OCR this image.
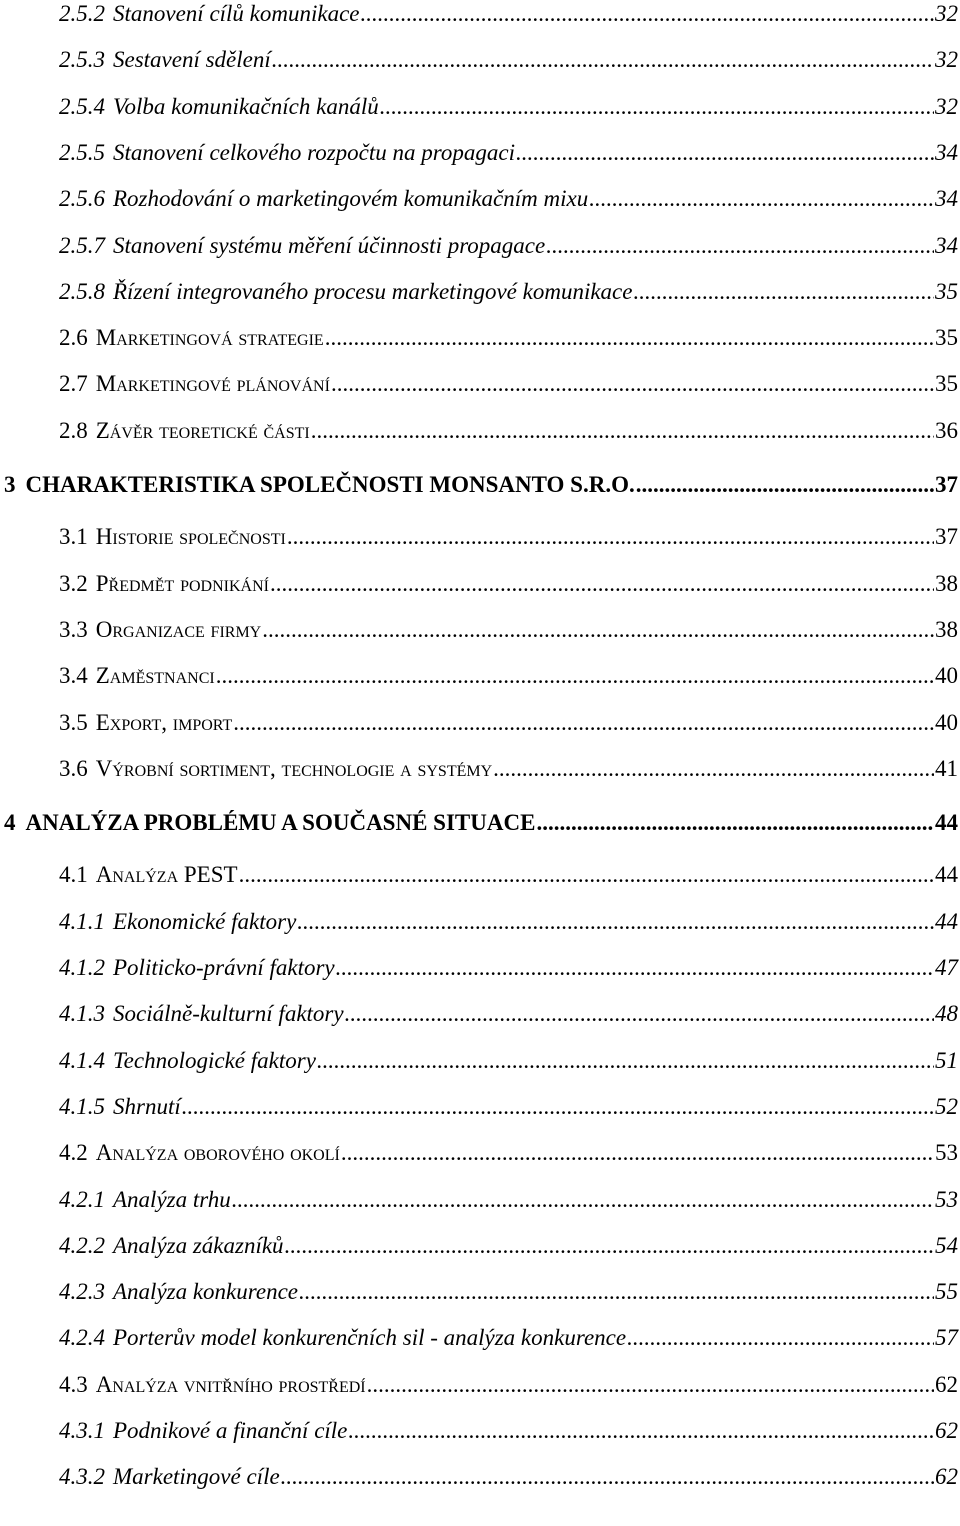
2.5.2 Stanovení cílů komunikace .....	32
2.5.3 Sestavení sdělení .....	32
2.5.4 Volba komunikačních kanálů .....	32
2.5.5 Stanovení celkového rozpočtu na propagaci .....	34
2.5.6 Rozhodování o marketingovém komunikačním mixu .....	34
2.5.7 Stanovení systému měření účinnosti propagace .....	34
2.5.8 Řízení integrovaného procesu marketingové komunikace .....	35
2.6 Marketingová strategie .....	35
2.7 Marketingové plánování .....	35
2.8 Závěr teoretické části .....	36
3 CHARAKTERISTIKA SPOLEČNOSTI MONSANTO S.R.O. .....	37
3.1 Historie společnosti .....	37
3.2 Předmět podnikání .....	38
3.3 Organizace firmy .....	38
3.4 Zaměstnanci .....	40
3.5 Export, import .....	40
3.6 Výrobní sortiment, technologie a systémy .....	41
4 ANALÝZA PROBLÉMU A SOUČASNÉ SITUACE .....	44
4.1 Analýza PEST .....	44
4.1.1 Ekonomické faktory .....	44
4.1.2 Politicko-právní faktory .....	47
4.1.3 Sociálně-kulturní faktory .....	48
4.1.4 Technologické faktory .....	51
4.1.5 Shrnutí .....	52
4.2 Analýza oborového okolí .....	53
4.2.1 Analýza trhu .....	53
4.2.2 Analýza zákazníků .....	54
4.2.3 Analýza konkurence .....	55
4.2.4 Porterův model konkurenčních sil - analýza konkurence .....	57
4.3 Analýza vnitřního prostředí .....	62
4.3.1 Podnikové a finanční cíle .....	62
4.3.2 Marketingové cíle .....	62
